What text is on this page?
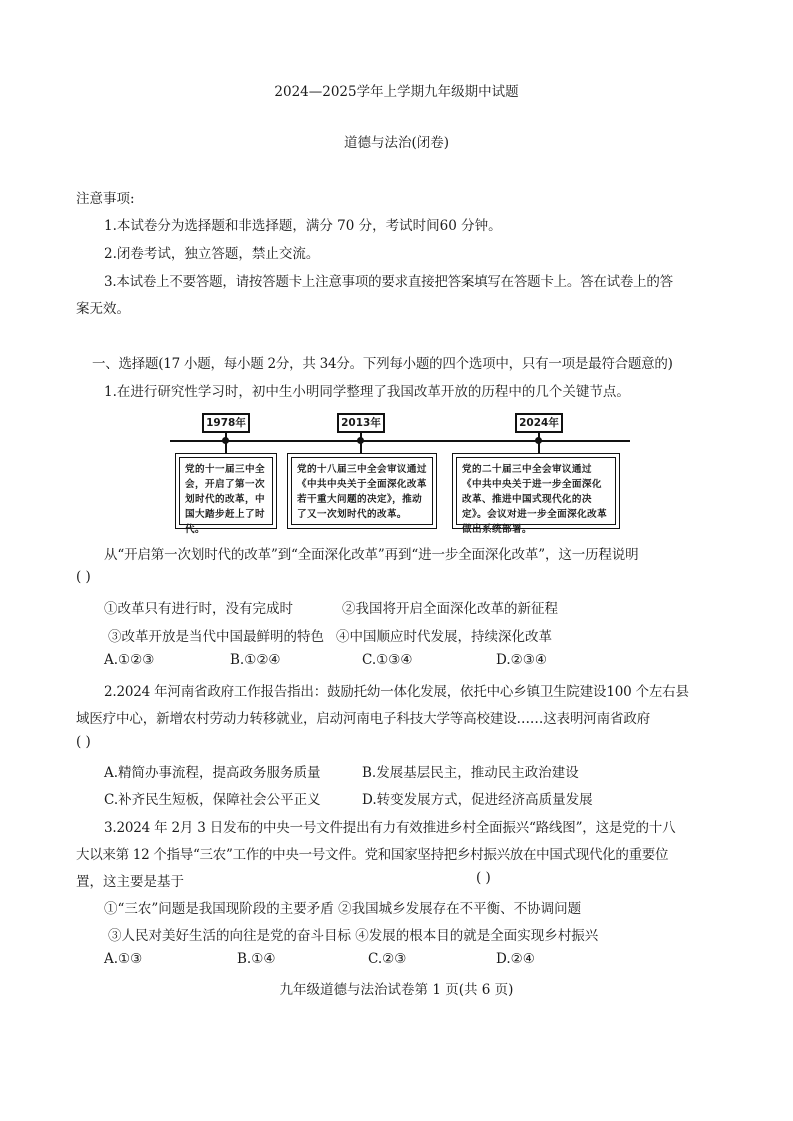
2024—2025学年上学期九年级期中试题
道德与法治(闭卷)
注意事项:
1.本试卷分为选择题和非选择题，满分 70 分，考试时间60 分钟。
2.闭卷考试，独立答题，禁止交流。
3.本试卷上不要答题，请按答题卡上注意事项的要求直接把答案填写在答题卡上。答在试卷上的答
案无效。
一、选择题(17 小题，每小题 2分，共 34分。下列每小题的四个选项中，只有一项是最符合题意的)
1.在进行研究性学习时，初中生小明同学整理了我国改革开放的历程中的几个关键节点。
1978年	2013年	2024年
党的十一届三中全会，开启了第一次划时代的改革，中国大踏步赶上了时代。
党的十八届三中全会审议通过《中共中央关于全面深化改革若干重大问题的决定》，推动了又一次划时代的改革。
党的二十届三中全会审议通过《中共中央关于进一步全面深化改革、推进中国式现代化的决定》。会议对进一步全面深化改革做出系统部署。
从“开启第一次划时代的改革”到“全面深化改革”再到“进一步全面深化改革”，这一历程说明
( )
①改革只有进行时，没有完成时	②我国将开启全面深化改革的新征程
③改革开放是当代中国最鲜明的特色 ④中国顺应时代发展，持续深化改革
A.①②③	B.①②④	C.①③④	D.②③④
2.2024 年河南省政府工作报告指出：鼓励托幼一体化发展，依托中心乡镇卫生院建设100 个左右县
域医疗中心，新增农村劳动力转移就业，启动河南电子科技大学等高校建设……这表明河南省政府
( )
A.精简办事流程，提高政务服务质量	B.发展基层民主，推动民主政治建设
C.补齐民生短板，保障社会公平正义	D.转变发展方式，促进经济高质量发展
3.2024 年 2月 3 日发布的中央一号文件提出有力有效推进乡村全面振兴“路线图”，这是党的十八
大以来第 12 个指导“三农”工作的中央一号文件。党和国家坚持把乡村振兴放在中国式现代化的重要位
置，这主要是基于	( )
①“三农”问题是我国现阶段的主要矛盾 ②我国城乡发展存在不平衡、不协调问题
③人民对美好生活的向往是党的奋斗目标 ④发展的根本目的就是全面实现乡村振兴
A.①③	B.①④	C.②③	D.②④
九年级道德与法治试卷第 1 页(共 6 页)
